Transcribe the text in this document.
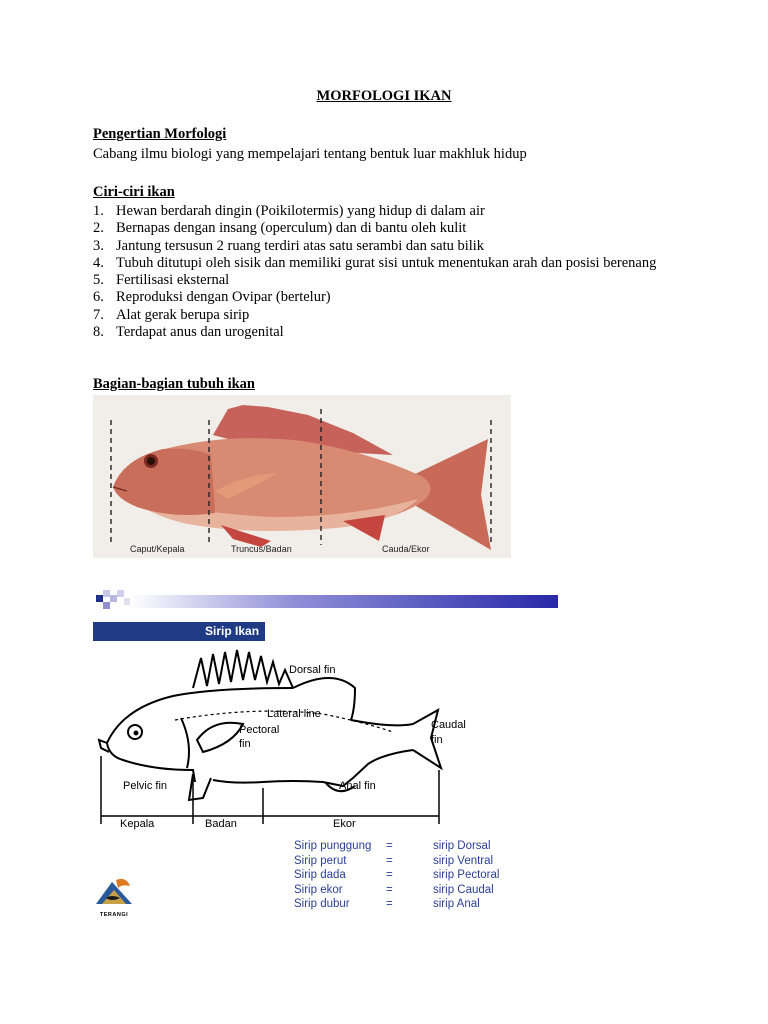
MORFOLOGI IKAN
Pengertian Morfologi
Cabang ilmu biologi yang mempelajari tentang bentuk luar makhluk hidup
Ciri-ciri ikan
1. Hewan berdarah dingin (Poikilotermis) yang hidup di dalam air
2. Bernapas dengan insang (operculum) dan di bantu oleh kulit
3. Jantung tersusun 2 ruang terdiri atas satu serambi dan satu bilik
4. Tubuh ditutupi oleh sisik dan memiliki gurat sisi untuk menentukan arah dan posisi berenang
5. Fertilisasi eksternal
6. Reproduksi dengan Ovipar (bertelur)
7. Alat gerak berupa sirip
8. Terdapat anus dan urogenital
Bagian-bagian tubuh ikan
Caput/Kepala	Truncus/Badan	Cauda/Ekor
Sirip Ikan
Dorsal fin
Lateral line
Pectoral
fin
Caudal
fin
Pelvic fin	Anal fin
Kepala	Badan	Ekor
Sirip punggung =	sirip Dorsal
Sirip perut	=	sirip Ventral
Sirip dada	=	sirip Pectoral
Sirip ekor	=	sirip Caudal
Sirip dubur	=	sirip Anal
TERANGI
